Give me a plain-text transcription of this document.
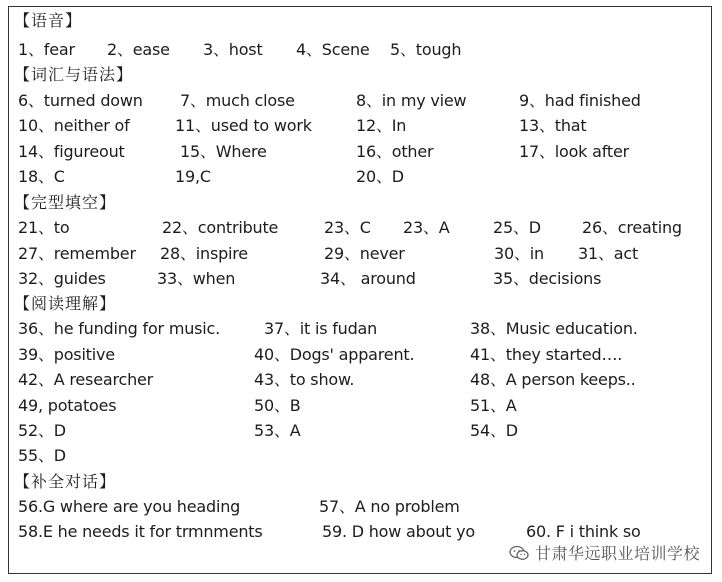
【语音】
1、fear 2、ease 3、host 4、Scene 5、tough
【词汇与语法】
6、turned down 7、much close	8、in my view	9、had finished
10、neither of	11、used to work	12、In	13、that
14、figureout	15、Where	16、other	17、look after
18、C	19,C	20、D
【完型填空】
21、to	22、contribute	23、C 23、A	25、D	26、creating
27、remember 28、inspire	29、never	30、in 31、act
32、guides	33、when	34、 around	35、decisions
【阅读理解】
36、he funding for music.	37、it is fudan	38、Music education.
39、positive	40、Dogs' apparent.	41、they started….
42、A researcher	43、to show.	48、A person keeps..
49, potatoes	50、B	51、A
52、D	53、A	54、D
55、D
【补全对话】
56.G where are you heading	57、A no problem
58.E he needs it for trmnments	59. D how about yo	60. F i think so
甘肃华远职业培训学校
